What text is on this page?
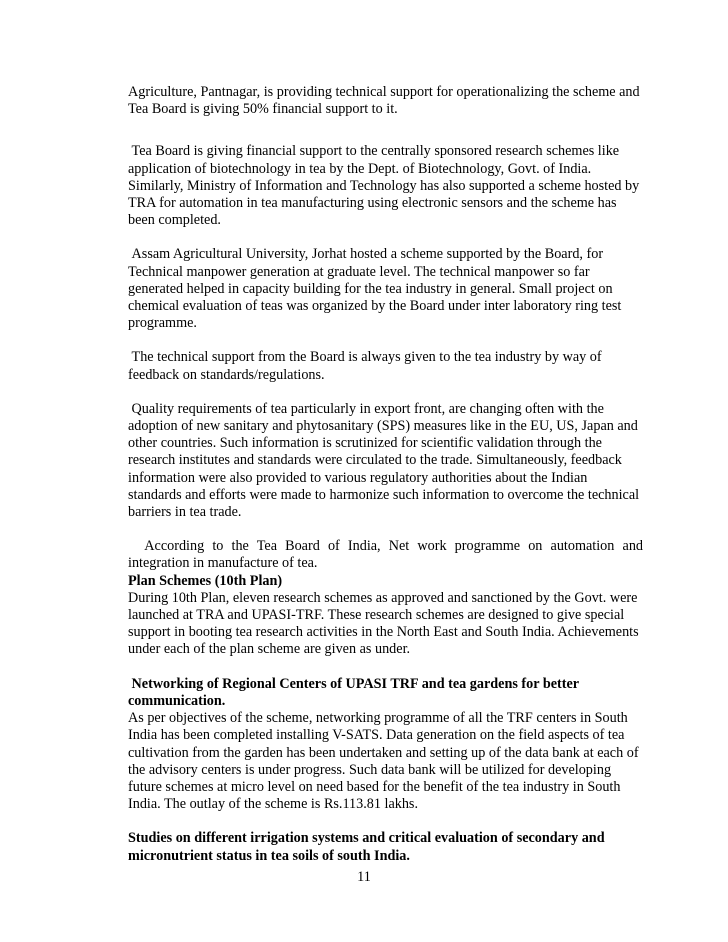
Agriculture, Pantnagar, is providing technical support for operationalizing the scheme and Tea Board is giving 50% financial support to it.

Tea Board is giving financial support to the centrally sponsored research schemes like application of biotechnology in tea by the Dept. of Biotechnology, Govt. of India. Similarly, Ministry of Information and Technology has also supported a scheme hosted by TRA for automation in tea manufacturing using electronic sensors and the scheme has been completed.

Assam Agricultural University, Jorhat hosted a scheme supported by the Board, for Technical manpower generation at graduate level. The technical manpower so far generated helped in capacity building for the tea industry in general. Small project on chemical evaluation of teas was organized by the Board under inter laboratory ring test programme.

The technical support from the Board is always given to the tea industry by way of feedback on standards/regulations.

Quality requirements of tea particularly in export front, are changing often with the adoption of new sanitary and phytosanitary (SPS) measures like in the EU, US, Japan and other countries. Such information is scrutinized for scientific validation through the research institutes and standards were circulated to the trade. Simultaneously, feedback information were also provided to various regulatory authorities about the Indian standards and efforts were made to harmonize such information to overcome the technical barriers in tea trade.

According to the Tea Board of India, Net work programme on automation and integration in manufacture of tea.

Plan Schemes (10th Plan)

During 10th Plan, eleven research schemes as approved and sanctioned by the Govt. were launched at TRA and UPASI-TRF. These research schemes are designed to give special support in booting tea research activities in the North East and South India. Achievements under each of the plan scheme are given as under.

Networking of Regional Centers of UPASI TRF and tea gardens for better communication.

As per objectives of the scheme, networking programme of all the TRF centers in South India has been completed installing V-SATS. Data generation on the field aspects of tea cultivation from the garden has been undertaken and setting up of the data bank at each of the advisory centers is under progress. Such data bank will be utilized for developing future schemes at micro level on need based for the benefit of the tea industry in South India. The outlay of the scheme is Rs.113.81 lakhs.

Studies on different irrigation systems and critical evaluation of secondary and micronutrient status in tea soils of south India.

11
